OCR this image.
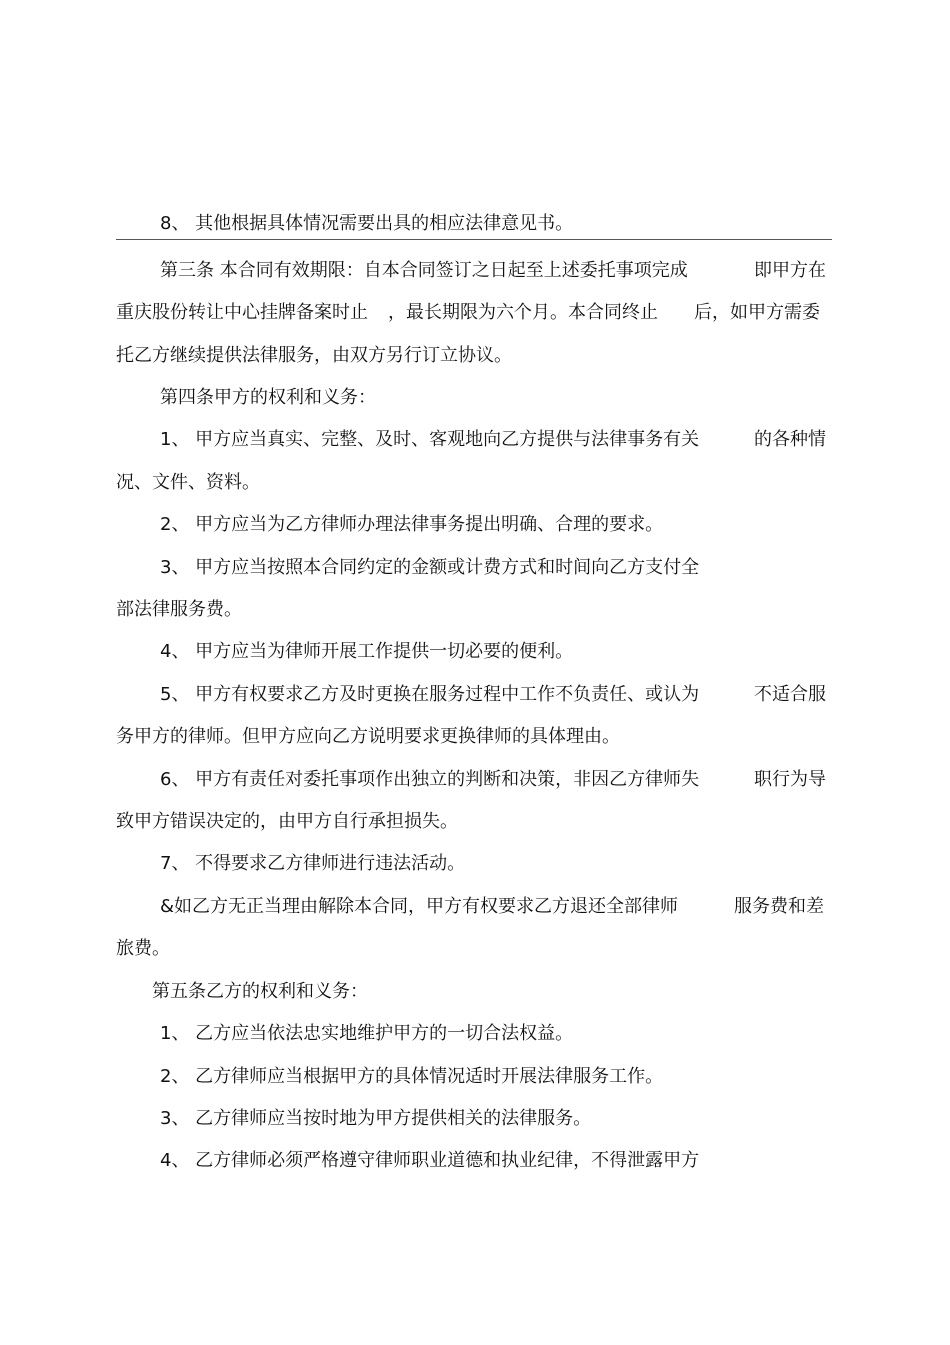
8、 其他根据具体情况需要出具的相应法律意见书。
第三条 本合同有效期限：自本合同签订之日起至上述委托事项完成	即甲方在
重庆股份转让中心挂牌备案时止 ，最长期限为六个月。本合同终止 后，如甲方需委
托乙方继续提供法律服务，由双方另行订立协议。
第四条甲方的权利和义务：
1、 甲方应当真实、完整、及时、客观地向乙方提供与法律事务有关	的各种情
况、文件、资料。
2、 甲方应当为乙方律师办理法律事务提出明确、合理的要求。
3、 甲方应当按照本合同约定的金额或计费方式和时间向乙方支付全
部法律服务费。
4、 甲方应当为律师开展工作提供一切必要的便利。
5、 甲方有权要求乙方及时更换在服务过程中工作不负责任、或认为	不适合服
务甲方的律师。但甲方应向乙方说明要求更换律师的具体理由。
6、 甲方有责任对委托事项作出独立的判断和决策，非因乙方律师失	职行为导
致甲方错误决定的，由甲方自行承担损失。
7、 不得要求乙方律师进行违法活动。
&如乙方无正当理由解除本合同，甲方有权要求乙方退还全部律师	服务费和差
旅费。
第五条乙方的权利和义务：
1、 乙方应当依法忠实地维护甲方的一切合法权益。
2、 乙方律师应当根据甲方的具体情况适时开展法律服务工作。
3、 乙方律师应当按时地为甲方提供相关的法律服务。
4、 乙方律师必须严格遵守律师职业道德和执业纪律，不得泄露甲方
